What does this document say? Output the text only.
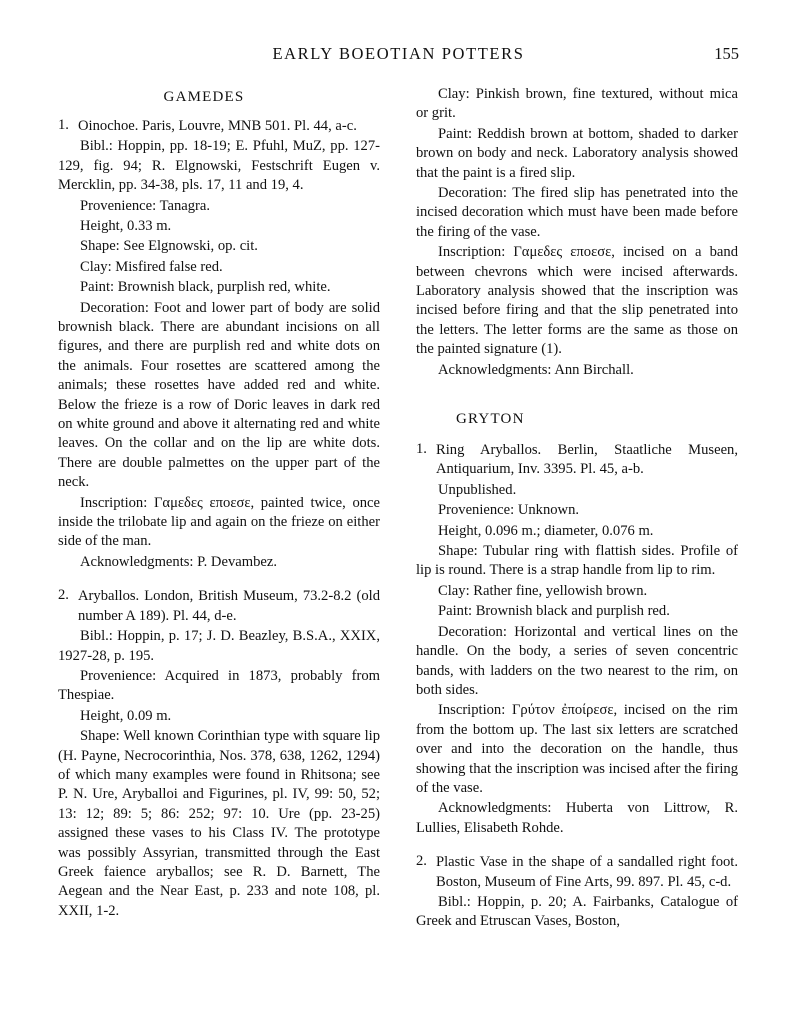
EARLY BOEOTIAN POTTERS	155
GAMEDES
1. Oinochoe. Paris, Louvre, MNB 501. Pl. 44, a-c.

Bibl.: Hoppin, pp. 18-19; E. Pfuhl, MuZ, pp. 127-129, fig. 94; R. Elgnowski, Festschrift Eugen v. Mercklin, pp. 34-38, pls. 17, 11 and 19, 4.

Provenience: Tanagra.

Height, 0.33 m.

Shape: See Elgnowski, op. cit.

Clay: Misfired false red.

Paint: Brownish black, purplish red, white.

Decoration: Foot and lower part of body are solid brownish black. There are abundant incisions on all figures, and there are purplish red and white dots on the animals. Four rosettes are scattered among the animals; these rosettes have added red and white. Below the frieze is a row of Doric leaves in dark red on white ground and above it alternating red and white leaves. On the collar and on the lip are white dots. There are double palmettes on the upper part of the neck.

Inscription: Γαμεδες εποεσε, painted twice, once inside the trilobate lip and again on the frieze on either side of the man.

Acknowledgments: P. Devambez.

2. Aryballos. London, British Museum, 73.2-8.2 (old number A 189). Pl. 44, d-e.

Bibl.: Hoppin, p. 17; J. D. Beazley, B.S.A., XXIX, 1927-28, p. 195.

Provenience: Acquired in 1873, probably from Thespiae.

Height, 0.09 m.

Shape: Well known Corinthian type with square lip (H. Payne, Necrocorinthia, Nos. 378, 638, 1262, 1294) of which many examples were found in Rhitsona; see P. N. Ure, Aryballoi and Figurines, pl. IV, 99: 50, 52; 13: 12; 89: 5; 86: 252; 97: 10. Ure (pp. 23-25) assigned these vases to his Class IV. The prototype was possibly Assyrian, transmitted through the East Greek faience aryballos; see R. D. Barnett, The Aegean and the Near East, p. 233 and note 108, pl. XXII, 1-2.

Clay: Pinkish brown, fine textured, without mica or grit.

Paint: Reddish brown at bottom, shaded to darker brown on body and neck. Laboratory analysis showed that the paint is a fired slip.

Decoration: The fired slip has penetrated into the incised decoration which must have been made before the firing of the vase.

Inscription: Γαμεδες εποεσε, incised on a band between chevrons which were incised afterwards. Laboratory analysis showed that the inscription was incised before firing and that the slip penetrated into the letters. The letter forms are the same as those on the painted signature (1).

Acknowledgments: Ann Birchall.

GRYTON
1. Ring Aryballos. Berlin, Staatliche Museen, Antiquarium, Inv. 3395. Pl. 45, a-b.

Unpublished.

Provenience: Unknown.

Height, 0.096 m.; diameter, 0.076 m.

Shape: Tubular ring with flattish sides. Profile of lip is round. There is a strap handle from lip to rim.

Clay: Rather fine, yellowish brown.

Paint: Brownish black and purplish red.

Decoration: Horizontal and vertical lines on the handle. On the body, a series of seven concentric bands, with ladders on the two nearest to the rim, on both sides.

Inscription: Γρύτον ἐποίρεσε, incised on the rim from the bottom up. The last six letters are scratched over and into the decoration on the handle, thus showing that the inscription was incised after the firing of the vase.

Acknowledgments: Huberta von Littrow, R. Lullies, Elisabeth Rohde.

2. Plastic Vase in the shape of a sandalled right foot. Boston, Museum of Fine Arts, 99. 897. Pl. 45, c-d.

Bibl.: Hoppin, p. 20; A. Fairbanks, Catalogue of Greek and Etruscan Vases, Boston,
